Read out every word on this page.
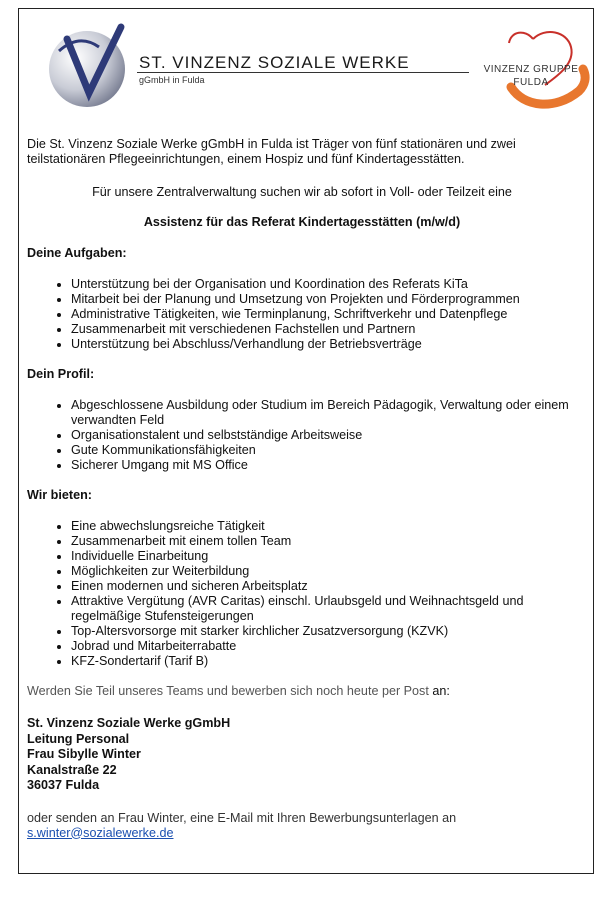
ST. VINZENZ SOZIALE WERKE
gGmbH in Fulda
VINZENZ GRUPPE
FULDA

Die St. Vinzenz Soziale Werke gGmbH in Fulda ist Träger von fünf stationären und zwei teilstationären Pflegeeinrichtungen, einem Hospiz und fünf Kindertagesstätten.

Für unsere Zentralverwaltung suchen wir ab sofort in Voll- oder Teilzeit eine

Assistenz für das Referat Kindertagesstätten (m/w/d)

Deine Aufgaben:
• Unterstützung bei der Organisation und Koordination des Referats KiTa
• Mitarbeit bei der Planung und Umsetzung von Projekten und Förderprogrammen
• Administrative Tätigkeiten, wie Terminplanung, Schriftverkehr und Datenpflege
• Zusammenarbeit mit verschiedenen Fachstellen und Partnern
• Unterstützung bei Abschluss/Verhandlung der Betriebsverträge
Dein Profil:
• Abgeschlossene Ausbildung oder Studium im Bereich Pädagogik, Verwaltung oder einem verwandten Feld
• Organisationstalent und selbstständige Arbeitsweise
• Gute Kommunikationsfähigkeiten
• Sicherer Umgang mit MS Office
Wir bieten:
• Eine abwechslungsreiche Tätigkeit
• Zusammenarbeit mit einem tollen Team
• Individuelle Einarbeitung
• Möglichkeiten zur Weiterbildung
• Einen modernen und sicheren Arbeitsplatz
• Attraktive Vergütung (AVR Caritas) einschl. Urlaubsgeld und Weihnachtsgeld und regelmäßige Stufensteigerungen
• Top-Altersvorsorge mit starker kirchlicher Zusatzversorgung (KZVK)
• Jobrad und Mitarbeiterrabatte
• KFZ-Sondertarif (Tarif B)

Werden Sie Teil unseres Teams und bewerben sich noch heute per Post an:

St. Vinzenz Soziale Werke gGmbH
Leitung Personal
Frau Sibylle Winter
Kanalstraße 22
36037 Fulda

oder senden an Frau Winter, eine E-Mail mit Ihren Bewerbungsunterlagen an
s.winter@sozialewerke.de
